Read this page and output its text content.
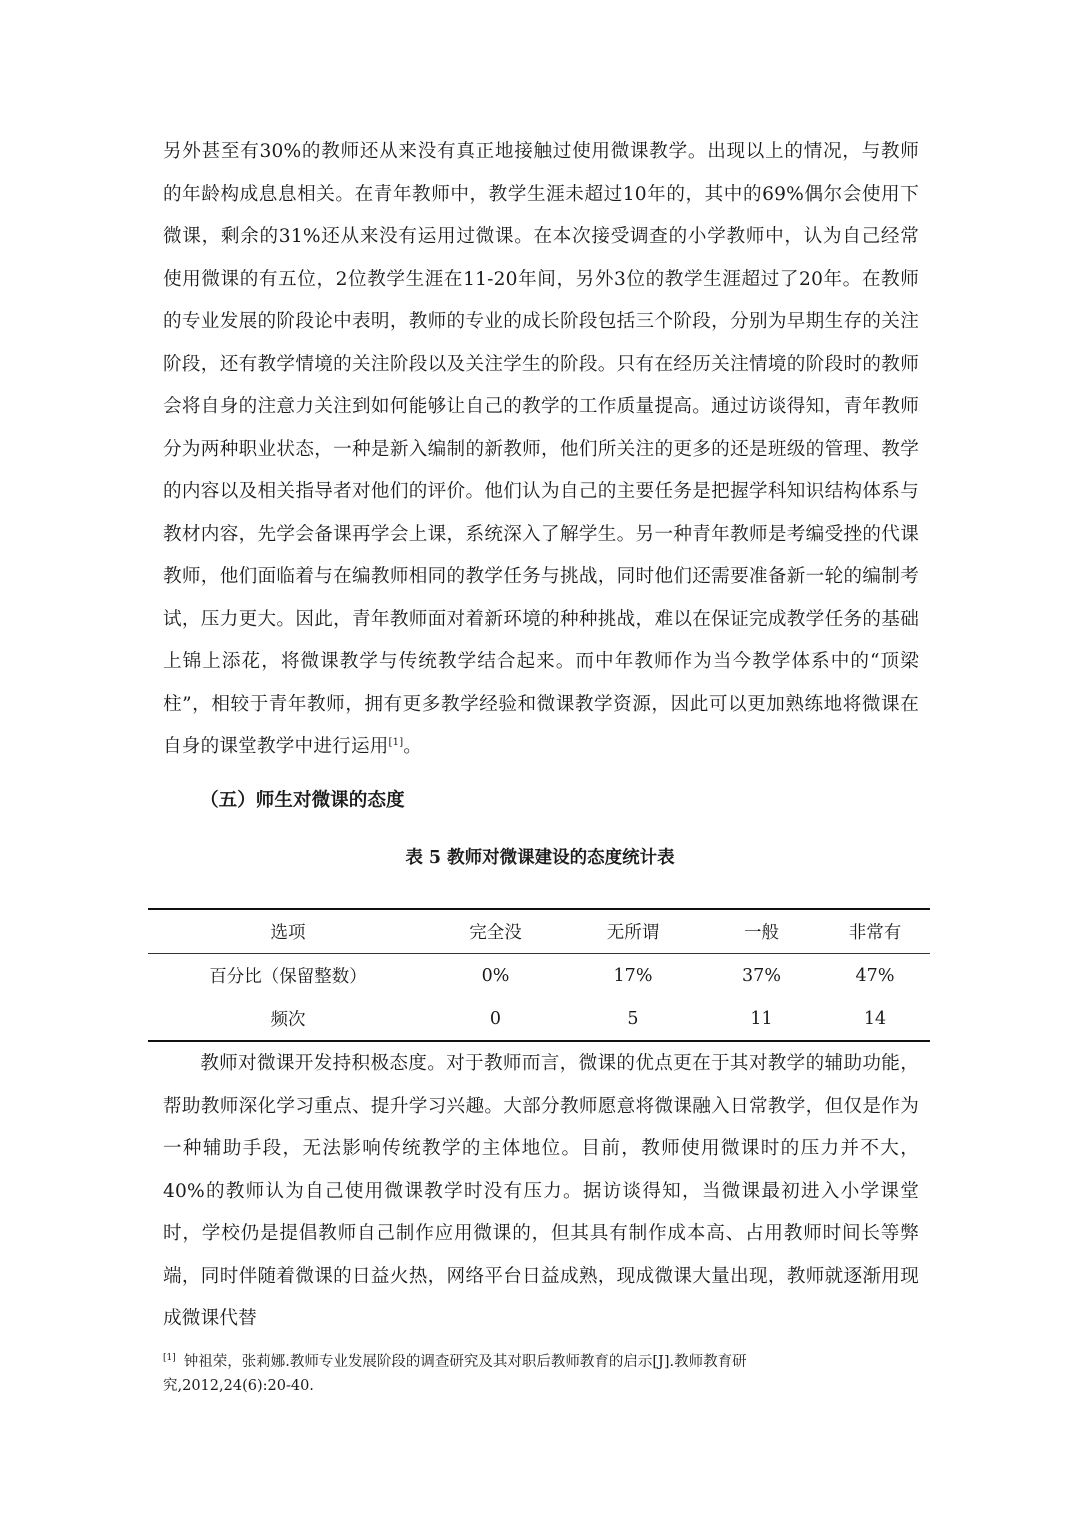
另外甚至有30%的教师还从来没有真正地接触过使用微课教学。出现以上的情况，与教师的年龄构成息息相关。在青年教师中，教学生涯未超过10年的，其中的69%偶尔会使用下微课，剩余的31%还从来没有运用过微课。在本次接受调查的小学教师中，认为自己经常使用微课的有五位，2位教学生涯在11-20年间，另外3位的教学生涯超过了20年。在教师的专业发展的阶段论中表明，教师的专业的成长阶段包括三个阶段，分别为早期生存的关注阶段，还有教学情境的关注阶段以及关注学生的阶段。只有在经历关注情境的阶段时的教师会将自身的注意力关注到如何能够让自己的教学的工作质量提高。通过访谈得知，青年教师分为两种职业状态，一种是新入编制的新教师，他们所关注的更多的还是班级的管理、教学的内容以及相关指导者对他们的评价。他们认为自己的主要任务是把握学科知识结构体系与教材内容，先学会备课再学会上课，系统深入了解学生。另一种青年教师是考编受挫的代课教师，他们面临着与在编教师相同的教学任务与挑战，同时他们还需要准备新一轮的编制考试，压力更大。因此，青年教师面对着新环境的种种挑战，难以在保证完成教学任务的基础上锦上添花，将微课教学与传统教学结合起来。而中年教师作为当今教学体系中的“顶梁柱”，相较于青年教师，拥有更多教学经验和微课教学资源，因此可以更加熟练地将微课在自身的课堂教学中进行运用[1]。

（五）师生对微课的态度

表 5 教师对微课建设的态度统计表

选项	完全没	无所谓	一般	非常有
百分比（保留整数）	0%	17%	37%	47%
频次	0	5	11	14

教师对微课开发持积极态度。对于教师而言，微课的优点更在于其对教学的辅助功能，帮助教师深化学习重点、提升学习兴趣。大部分教师愿意将微课融入日常教学，但仅是作为一种辅助手段，无法影响传统教学的主体地位。目前，教师使用微课时的压力并不大，40%的教师认为自己使用微课教学时没有压力。据访谈得知，当微课最初进入小学课堂时，学校仍是提倡教师自己制作应用微课的，但其具有制作成本高、占用教师时间长等弊端，同时伴随着微课的日益火热，网络平台日益成熟，现成微课大量出现，教师就逐渐用现成微课代替

[1] 钟祖荣，张莉娜.教师专业发展阶段的调查研究及其对职后教师教育的启示[J].教师教育研究,2012,24(6):20-40.
